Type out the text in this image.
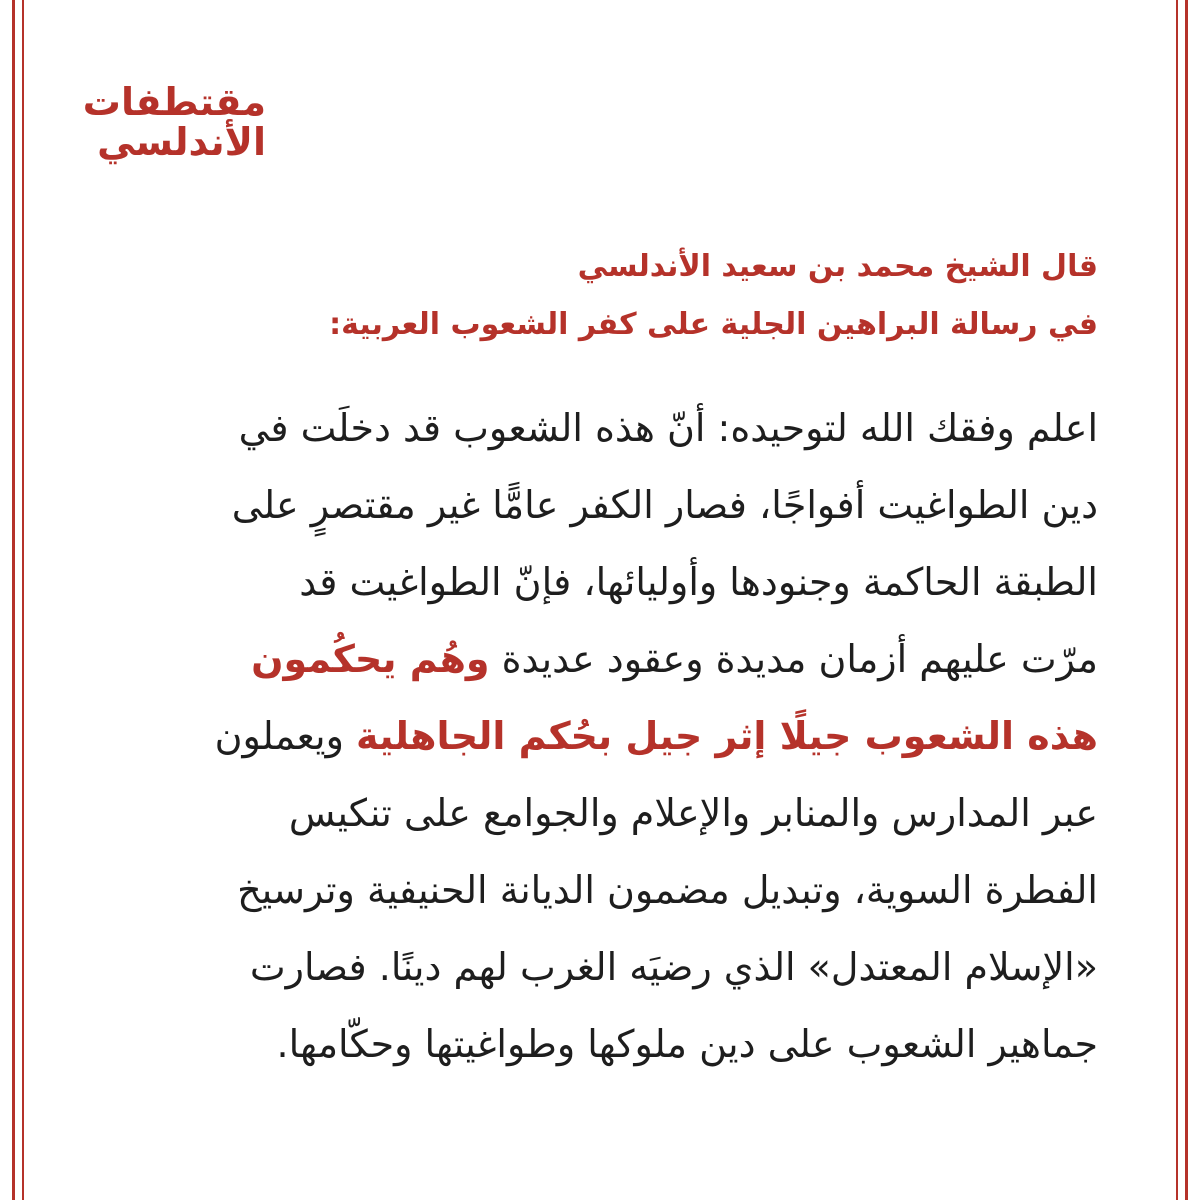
مقتطفات
الأندلسي
قال الشيخ محمد بن سعيد الأندلسي
في رسالة البراهين الجلية على كفر الشعوب العربية:
اعلم وفقك الله لتوحيده: أنّ هذه الشعوب قد دخلَت في
دين الطواغيت أفواجًا، فصار الكفر عامًّا غير مقتصرٍ على
الطبقة الحاكمة وجنودها وأوليائها، فإنّ الطواغيت قد
مرّت عليهم أزمان مديدة وعقود عديدة وهُم يحكُمون
هذه الشعوب جيلًا إثر جيل بحُكم الجاهلية ويعملون
عبر المدارس والمنابر والإعلام والجوامع على تنكيس
الفطرة السوية، وتبديل مضمون الديانة الحنيفية وترسيخ
«الإسلام المعتدل» الذي رضيَه الغرب لهم دينًا. فصارت
جماهير الشعوب على دين ملوكها وطواغيتها وحكّامها.
